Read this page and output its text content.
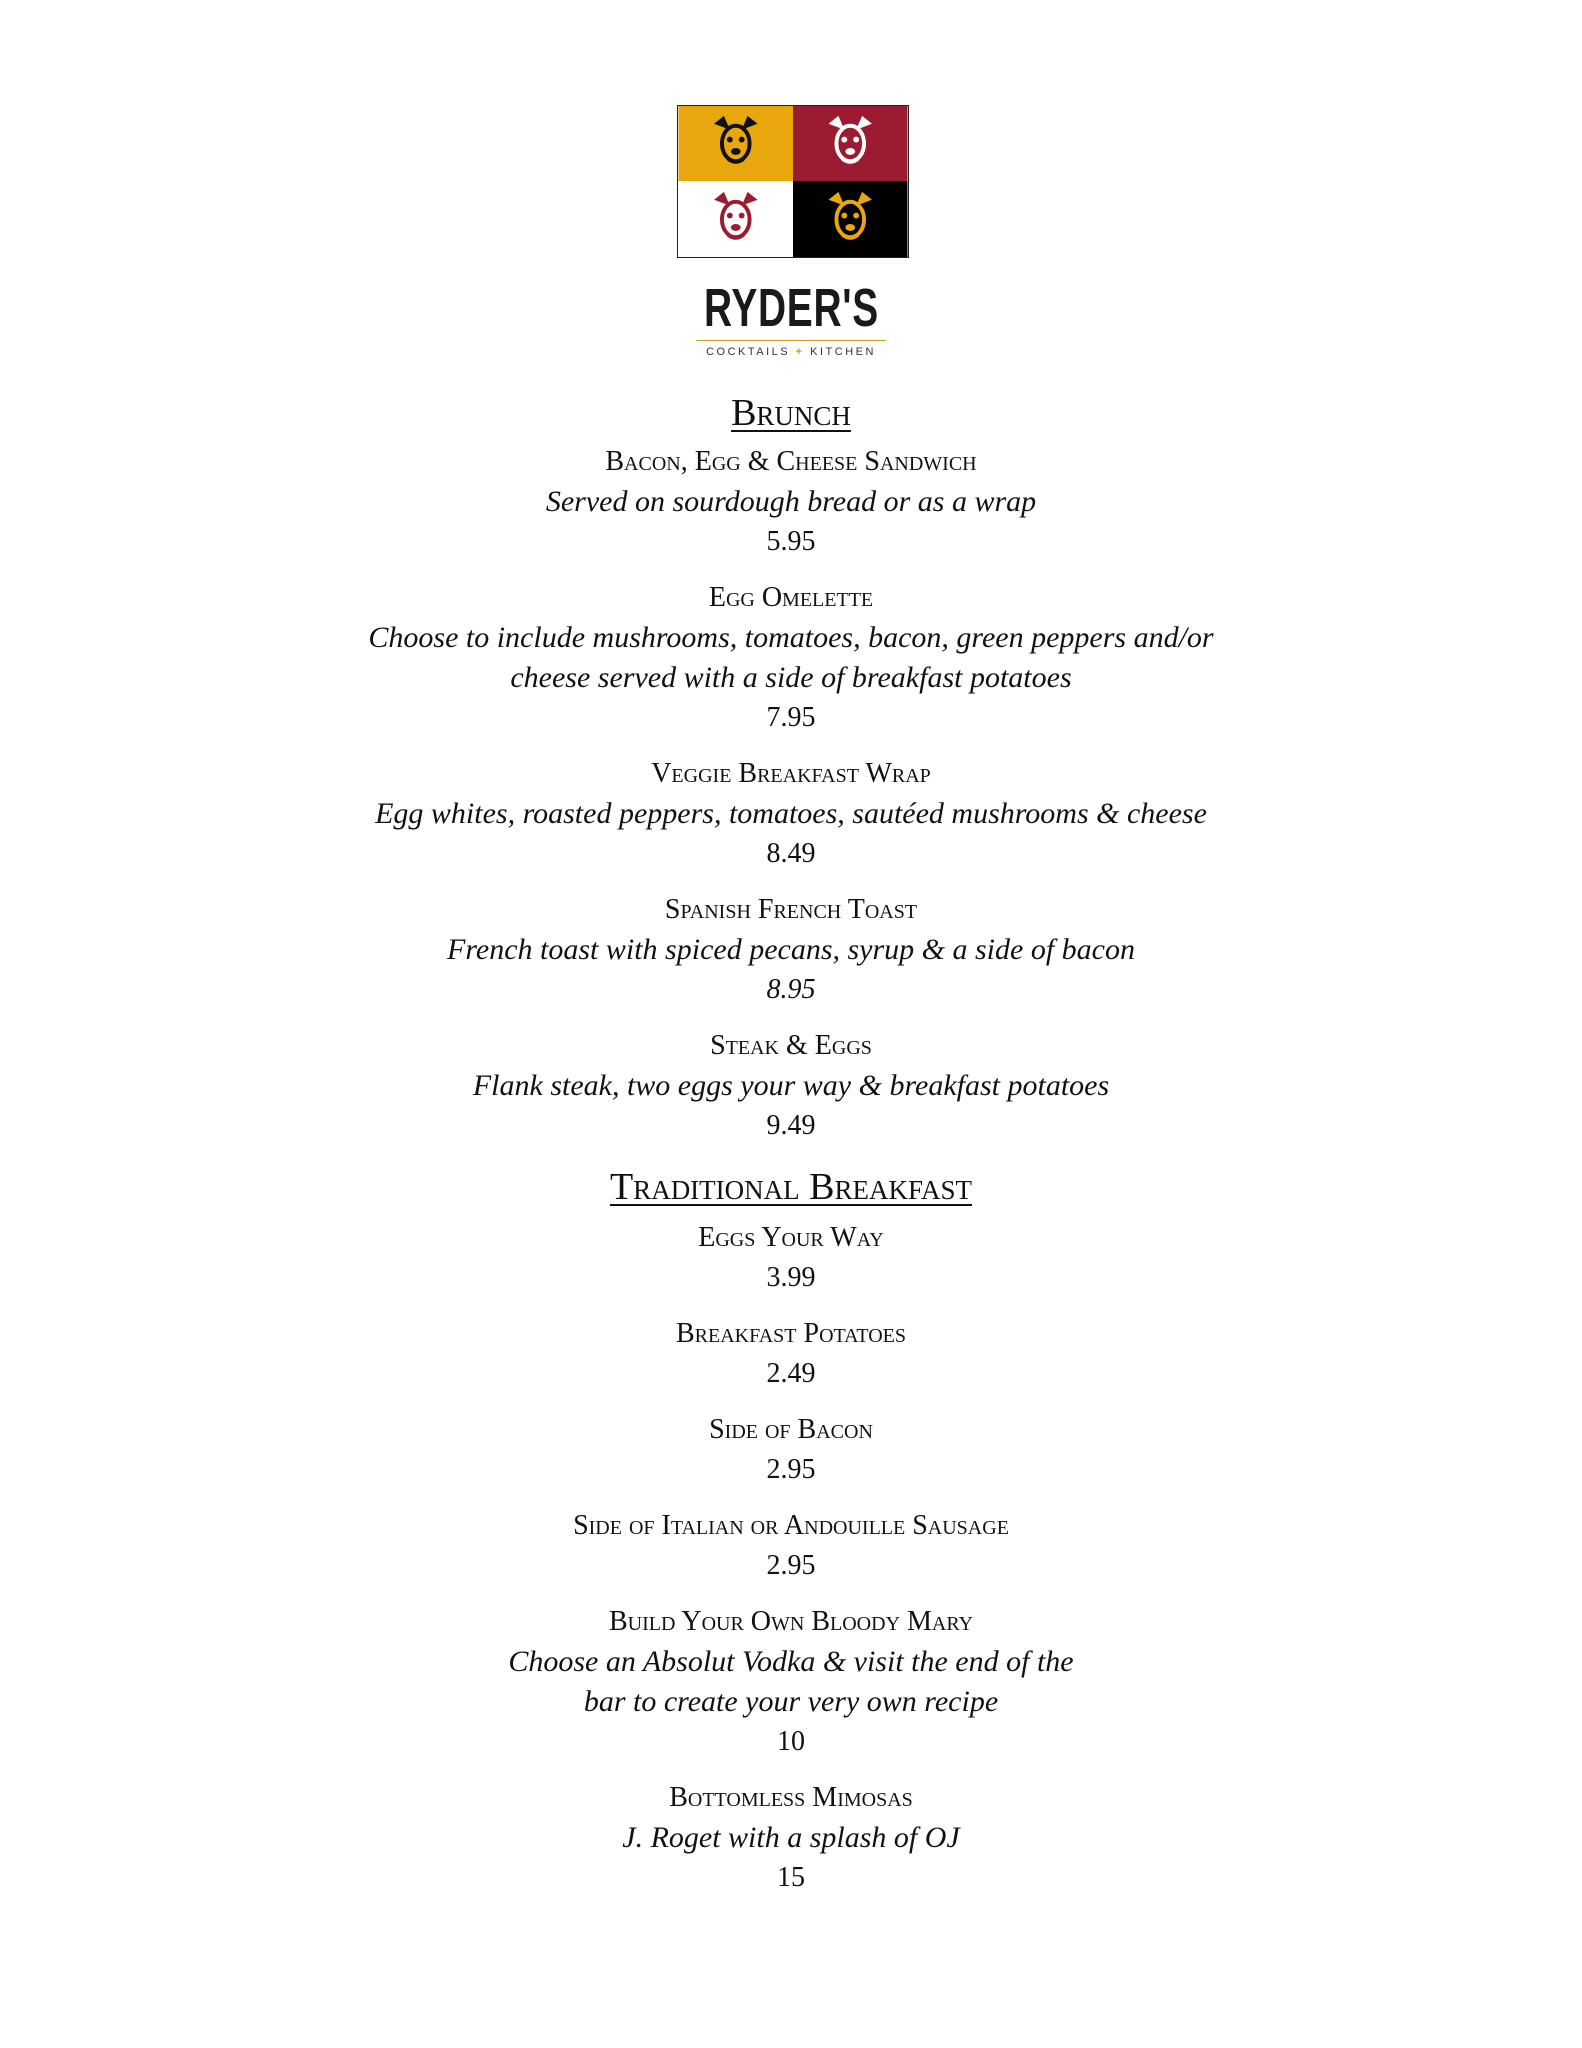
RYDER'S
COCKTAILS + KITCHEN
Brunch
Bacon, Egg & Cheese Sandwich
Served on sourdough bread or as a wrap
5.95
Egg Omelette
Choose to include mushrooms, tomatoes, bacon, green peppers and/or
cheese served with a side of breakfast potatoes
7.95
Veggie Breakfast Wrap
Egg whites, roasted peppers, tomatoes, sautéed mushrooms & cheese
8.49
Spanish French Toast
French toast with spiced pecans, syrup & a side of bacon
8.95
Steak & Eggs
Flank steak, two eggs your way & breakfast potatoes
9.49
Traditional Breakfast
Eggs Your Way
3.99
Breakfast Potatoes
2.49
Side of Bacon
2.95
Side of Italian or Andouille Sausage
2.95
Build Your Own Bloody Mary
Choose an Absolut Vodka & visit the end of the
bar to create your very own recipe
10
Bottomless Mimosas
J. Roget with a splash of OJ
15
